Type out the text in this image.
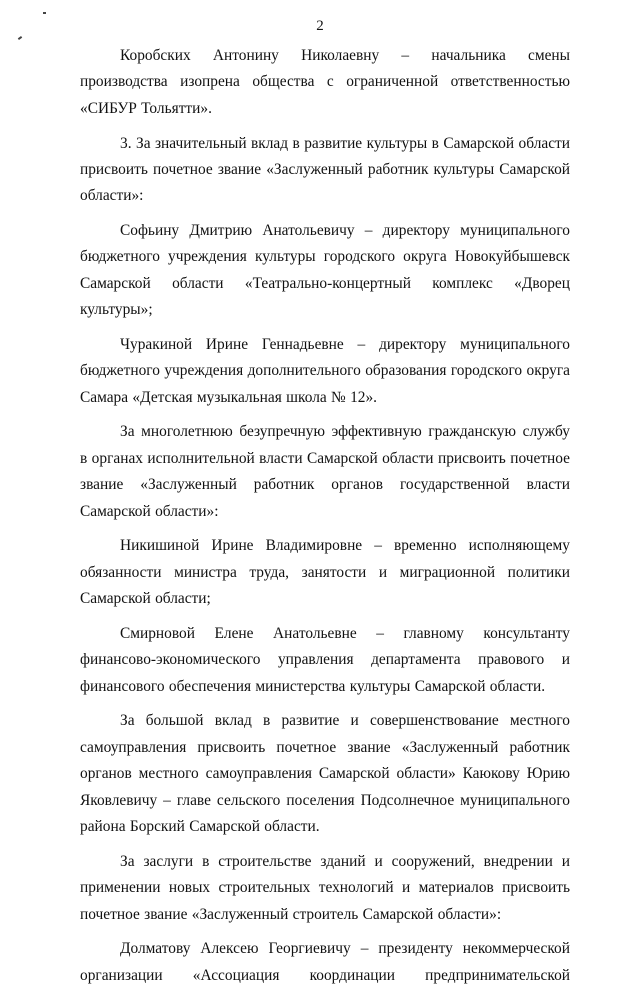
2

Коробских Антонину Николаевну – начальника смены производства изопрена общества с ограниченной ответственностью «СИБУР Тольятти».

3. За значительный вклад в развитие культуры в Самарской области присвоить почетное звание «Заслуженный работник культуры Самарской области»:

Софьину Дмитрию Анатольевичу – директору муниципального бюджетного учреждения культуры городского округа Новокуйбышевск Самарской области «Театрально-концертный комплекс «Дворец культуры»;

Чуракиной Ирине Геннадьевне – директору муниципального бюджетного учреждения дополнительного образования городского округа Самара «Детская музыкальная школа № 12».

За многолетнюю безупречную эффективную гражданскую службу в органах исполнительной власти Самарской области присвоить почетное звание «Заслуженный работник органов государственной власти Самарской области»:

Никишиной Ирине Владимировне – временно исполняющему обязанности министра труда, занятости и миграционной политики Самарской области;

Смирновой Елене Анатольевне – главному консультанту финансово-экономического управления департамента правового и финансового обеспечения министерства культуры Самарской области.

За большой вклад в развитие и совершенствование местного самоуправления присвоить почетное звание «Заслуженный работник органов местного самоуправления Самарской области» Каюкову Юрию Яковлевичу – главе сельского поселения Подсолнечное муниципального района Борский Самарской области.

За заслуги в строительстве зданий и сооружений, внедрении и применении новых строительных технологий и материалов присвоить почетное звание «Заслуженный строитель Самарской области»:

Долматову Алексею Георгиевичу – президенту некоммерческой организации «Ассоциация координации предпринимательской
